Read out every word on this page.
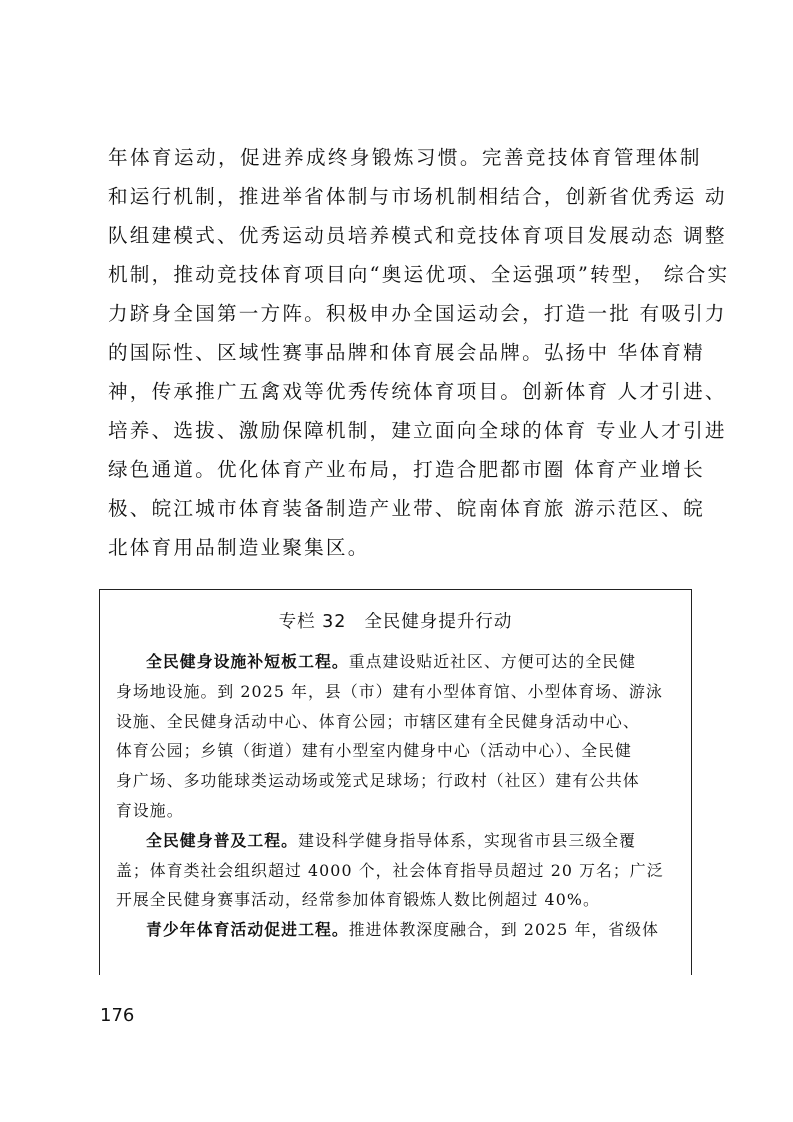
年体育运动，促进养成终身锻炼习惯。完善竞技体育管理体制
和运行机制，推进举省体制与市场机制相结合，创新省优秀运 动
队组建模式、优秀运动员培养模式和竞技体育项目发展动态 调整
机制，推动竞技体育项目向“奥运优项、全运强项”转型， 综合实
力跻身全国第一方阵。积极申办全国运动会，打造一批 有吸引力
的国际性、区域性赛事品牌和体育展会品牌。弘扬中 华体育精
神，传承推广五禽戏等优秀传统体育项目。创新体育 人才引进、
培养、选拔、激励保障机制，建立面向全球的体育 专业人才引进
绿色通道。优化体育产业布局，打造合肥都市圈 体育产业增长
极、皖江城市体育装备制造产业带、皖南体育旅 游示范区、皖
北体育用品制造业聚集区。
专栏 32 全民健身提升行动
全民健身设施补短板工程。重点建设贴近社区、方便可达的全民健
身场地设施。到 2025 年，县（市）建有小型体育馆、小型体育场、游泳
设施、全民健身活动中心、体育公园；市辖区建有全民健身活动中心、
体育公园；乡镇（街道）建有小型室内健身中心（活动中心）、全民健
身广场、多功能球类运动场或笼式足球场；行政村（社区）建有公共体
育设施。
全民健身普及工程。建设科学健身指导体系，实现省市县三级全覆
盖；体育类社会组织超过 4000 个，社会体育指导员超过 20 万名；广泛
开展全民健身赛事活动，经常参加体育锻炼人数比例超过 40%。
青少年体育活动促进工程。推进体教深度融合，到 2025 年，省级体
176
